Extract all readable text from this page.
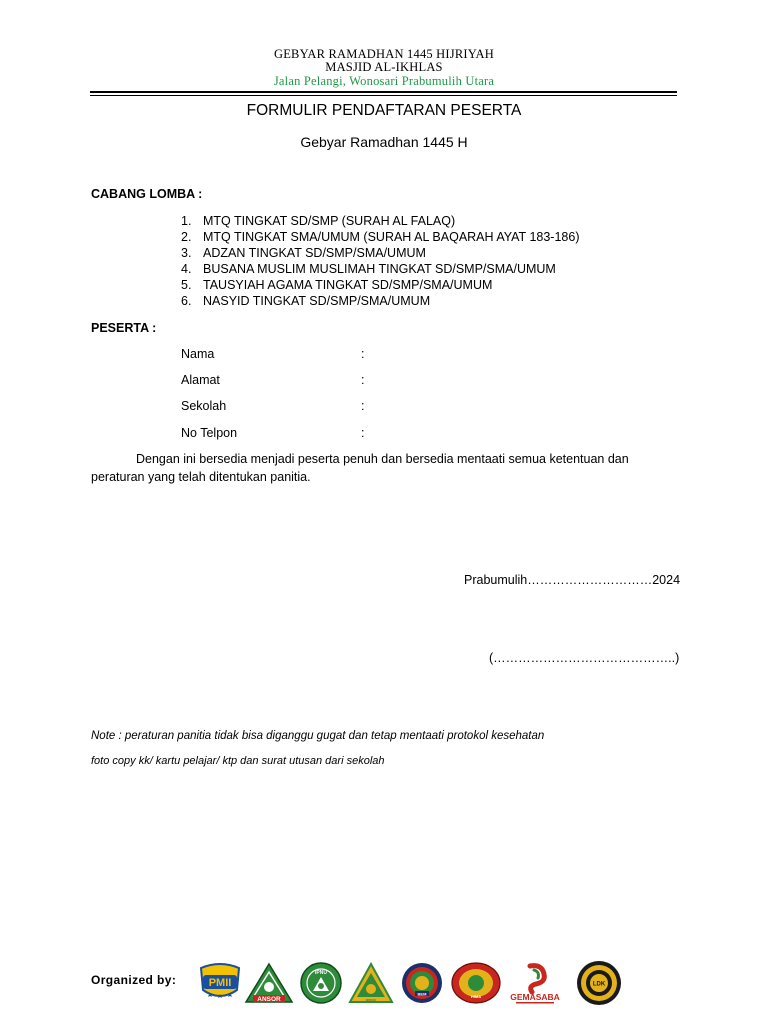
GEBYAR RAMADHAN 1445 HIJRIYAH
MASJID AL-IKHLAS
Jalan Pelangi, Wonosari Prabumulih Utara
FORMULIR PENDAFTARAN PESERTA
Gebyar Ramadhan 1445 H
CABANG LOMBA :
1. MTQ TINGKAT SD/SMP (SURAH AL FALAQ)
2. MTQ TINGKAT SMA/UMUM (SURAH AL BAQARAH AYAT 183-186)
3. ADZAN TINGKAT SD/SMP/SMA/UMUM
4. BUSANA MUSLIM MUSLIMAH TINGKAT SD/SMP/SMA/UMUM
5. TAUSYIAH AGAMA TINGKAT SD/SMP/SMA/UMUM
6. NASYID TINGKAT SD/SMP/SMA/UMUM
PESERTA :
Nama	:
Alamat	:
Sekolah	:
No Telpon	:
Dengan ini bersedia menjadi peserta penuh dan bersedia mentaati semua ketentuan dan peraturan yang telah ditentukan panitia.
Prabumulih…………………………2024
(……………………………………..)
Note : peraturan panitia tidak bisa diganggu gugat dan tetap mentaati protokol kesehatan
foto copy kk/ kartu pelajar/ ktp dan surat utusan dari sekolah
Organized by:	PMII
ANSOR
IPNU
IPPNU
BEM
HIMA	GEMASABA
LDK
